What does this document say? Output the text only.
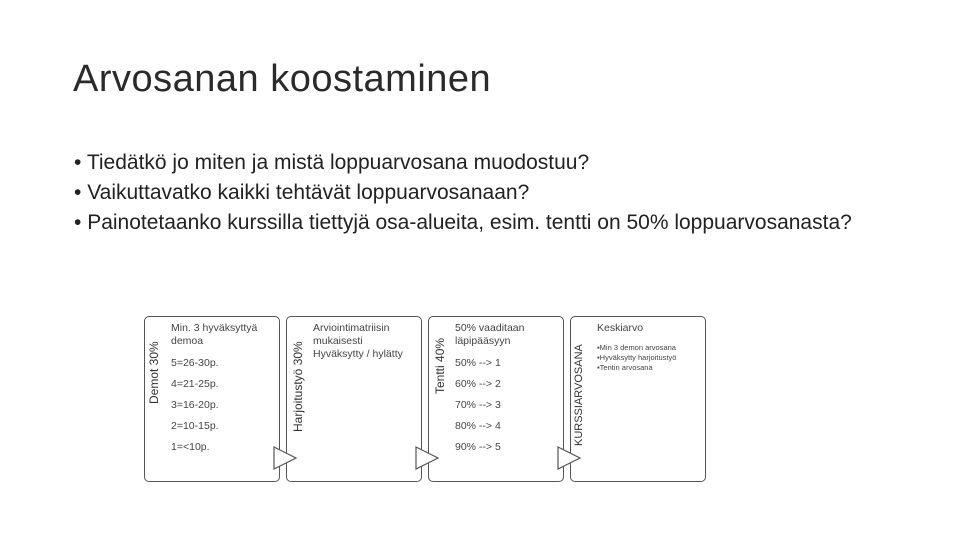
Arvosanan koostaminen
• Tiedätkö jo miten ja mistä loppuarvosana muodostuu?
• Vaikuttavatko kaikki tehtävät loppuarvosanaan?
• Painotetaanko kurssilla tiettyjä osa-alueita, esim. tentti on 50% loppuarvosanasta?
Demot 30%
Min. 3 hyväksyttyä demoa
5=26-30p.
4=21-25p.
3=16-20p.
2=10-15p.
1=<10p.
Harjoitustyö 30%
Arviointimatriisin mukaisesti Hyväksytty / hylätty	Tentti 40%
50% vaaditaan läpipääsyyn
50% --> 1
60% --> 2
70% --> 3
80% --> 4
90% --> 5
KURSSIARVOSANA
Keskiarvo
▪Min 3 demon arvosana
▪Hyväksytty harjoitustyö
▪Tentin arvosana
